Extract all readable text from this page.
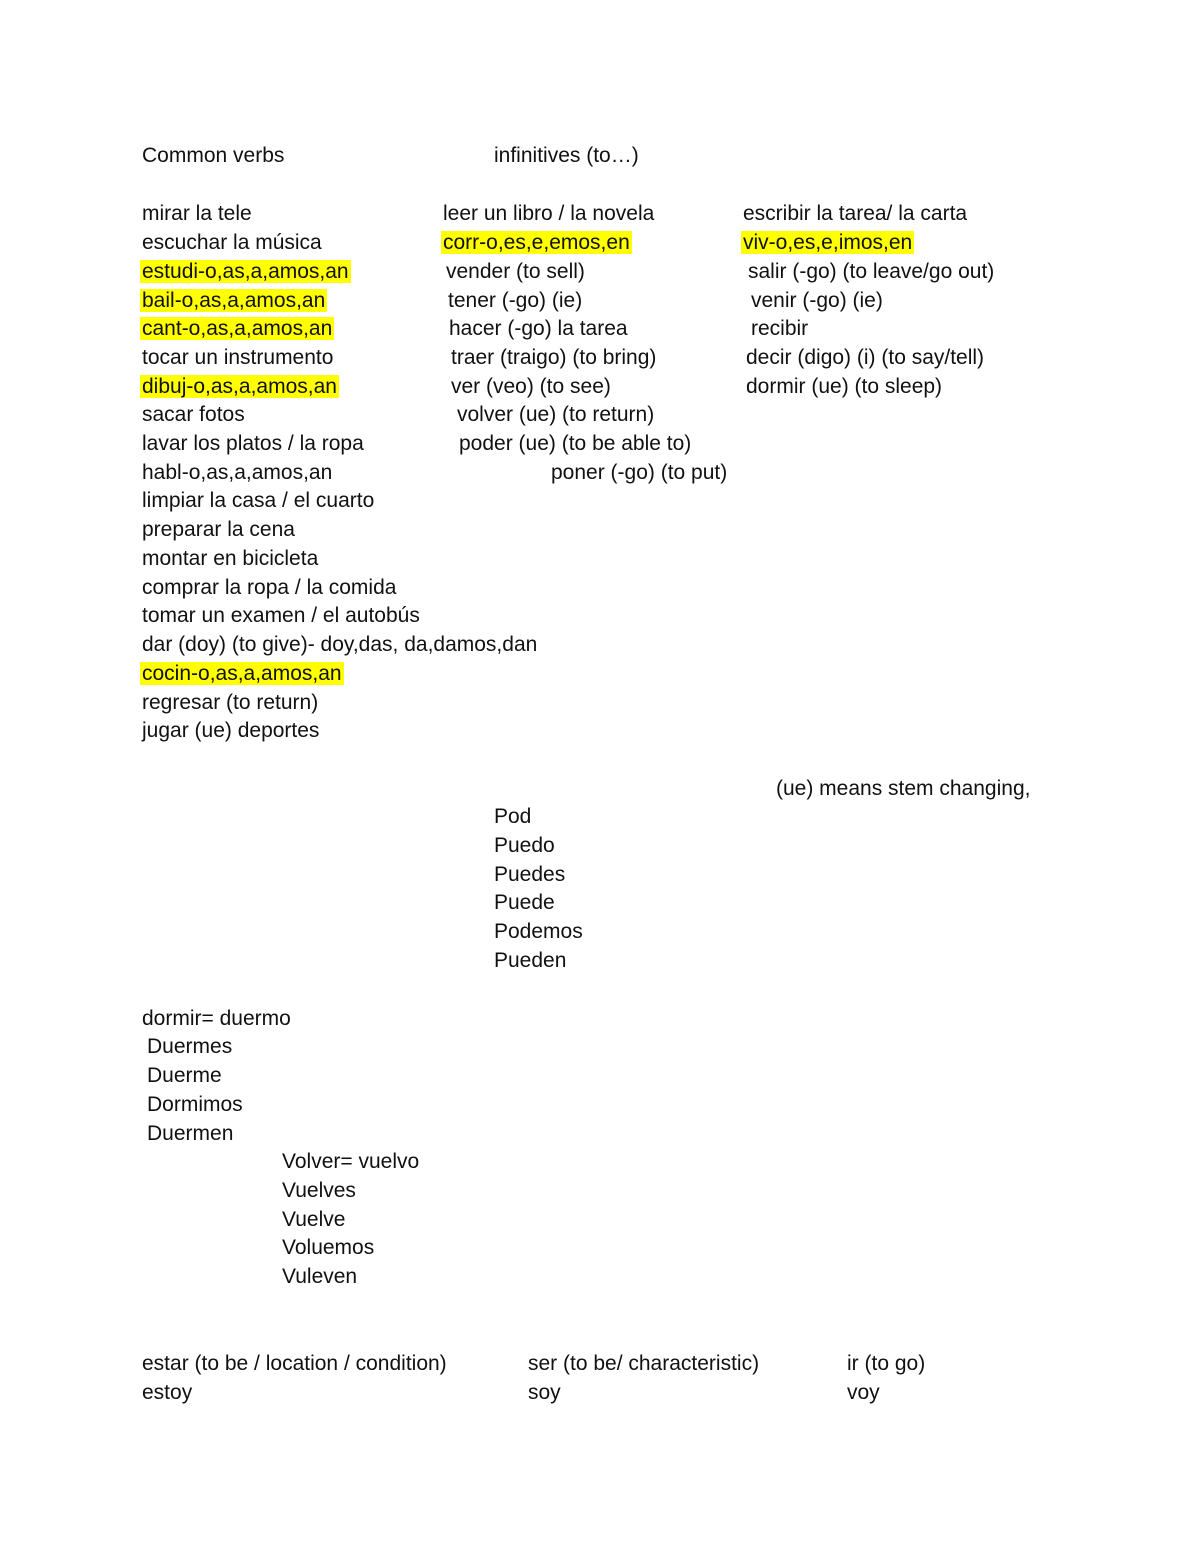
Common verbs	infinitives (to…)
mirar la tele
escuchar la música
estudi-o,as,a,amos,an
bail-o,as,a,amos,an
cant-o,as,a,amos,an
tocar un instrumento
dibuj-o,as,a,amos,an
sacar fotos
lavar los platos / la ropa
habl-o,as,a,amos,an
limpiar la casa / el cuarto
preparar la cena
montar en bicicleta
comprar la ropa / la comida
tomar un examen / el autobús
dar (doy) (to give)- doy,das, da,damos,dan
cocin-o,as,a,amos,an
regresar (to return)
jugar (ue) deportes
leer un libro / la novela
corr-o,es,e,emos,en
vender (to sell)
tener (-go) (ie)
hacer (-go) la tarea
traer (traigo) (to bring)
ver (veo) (to see)
volver (ue) (to return)
poder (ue) (to be able to)
poner (-go) (to put)
escribir la tarea/ la carta
viv-o,es,e,imos,en
salir (-go) (to leave/go out)
venir (-go) (ie)
recibir
decir (digo) (i) (to say/tell)
dormir (ue) (to sleep)
(ue) means stem changing,
Pod
Puedo
Puedes
Puede
Podemos
Pueden
dormir= duermo
Duermes
Duerme
Dormimos
Duermen
Volver= vuelvo
Vuelves
Vuelve
Voluemos
Vuleven
estar (to be / location / condition)
estoy
ser (to be/ characteristic)
soy
ir (to go)
voy
